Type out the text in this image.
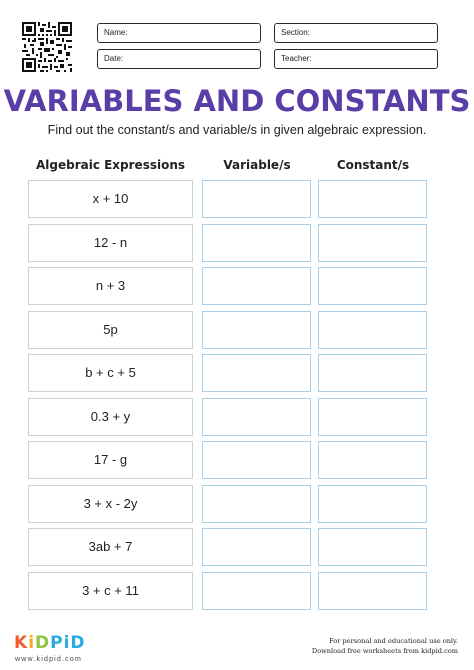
Name:	Section:
Date:	Teacher:
VARIABLES AND CONSTANTS
Find out the constant/s and variable/s in given algebraic expression.
Algebraic Expressions	Variable/s	Constant/s
x + 10
12 - n
n + 3
5p
b + c + 5
0.3 + y
17 - g
3 + x - 2y
3ab + 7
3 + c + 11
KiDPiD
www.kidpid.com
For personal and educational use only.
Download free worksheets from kidpid.com
